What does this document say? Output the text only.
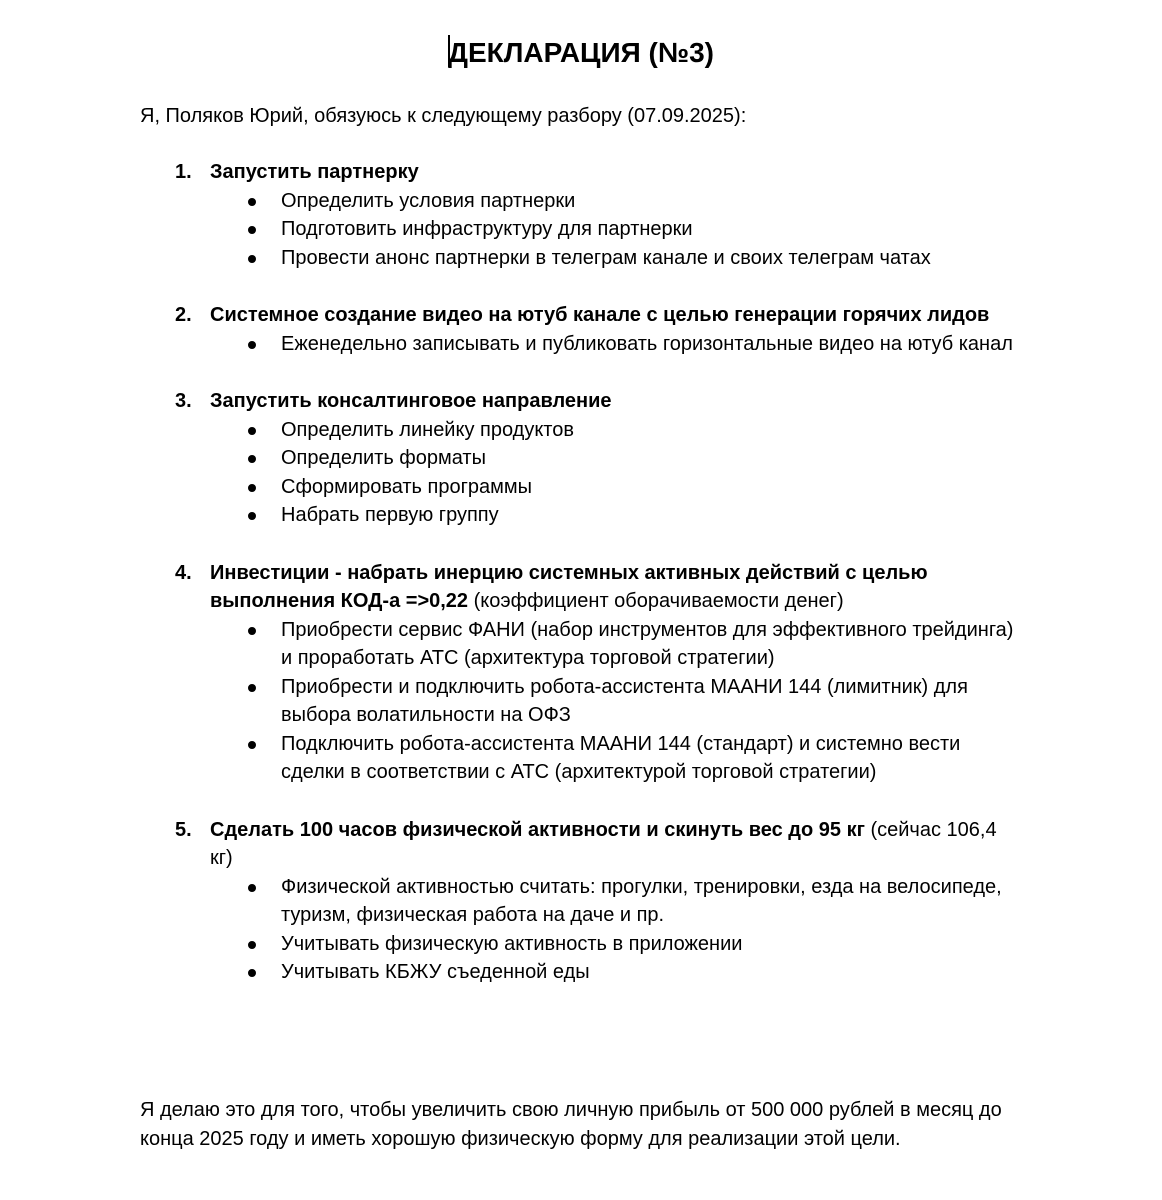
ДЕКЛАРАЦИЯ (№3)
Я, Поляков Юрий, обязуюсь к следующему разбору (07.09.2025):
1. Запустить партнерку
Определить условия партнерки
Подготовить инфраструктуру для партнерки
Провести анонс партнерки в телеграм канале и своих телеграм чатах
2. Системное создание видео на ютуб канале с целью генерации горячих лидов
Еженедельно записывать и публиковать горизонтальные видео на ютуб канал
3. Запустить консалтинговое направление
Определить линейку продуктов
Определить форматы
Сформировать программы
Набрать первую группу
4. Инвестиции - набрать инерцию системных активных действий с целью выполнения КОД-а =>0,22 (коэффициент оборачиваемости денег)
Приобрести сервис ФАНИ (набор инструментов для эффективного трейдинга) и проработать АТС (архитектура торговой стратегии)
Приобрести и подключить робота-ассистента МААНИ 144 (лимитник) для выбора волатильности на ОФЗ
Подключить робота-ассистента МААНИ 144 (стандарт) и системно вести сделки в соответствии с АТС (архитектурой торговой стратегии)
5. Сделать 100 часов физической активности и скинуть вес до 95 кг (сейчас 106,4 кг)
Физической активностью считать: прогулки, тренировки, езда на велосипеде, туризм, физическая работа на даче и пр.
Учитывать физическую активность в приложении
Учитывать КБЖУ съеденной еды
Я делаю это для того, чтобы увеличить свою личную прибыль от 500 000 рублей в месяц до конца 2025 году и иметь хорошую физическую форму для реализации этой цели.
